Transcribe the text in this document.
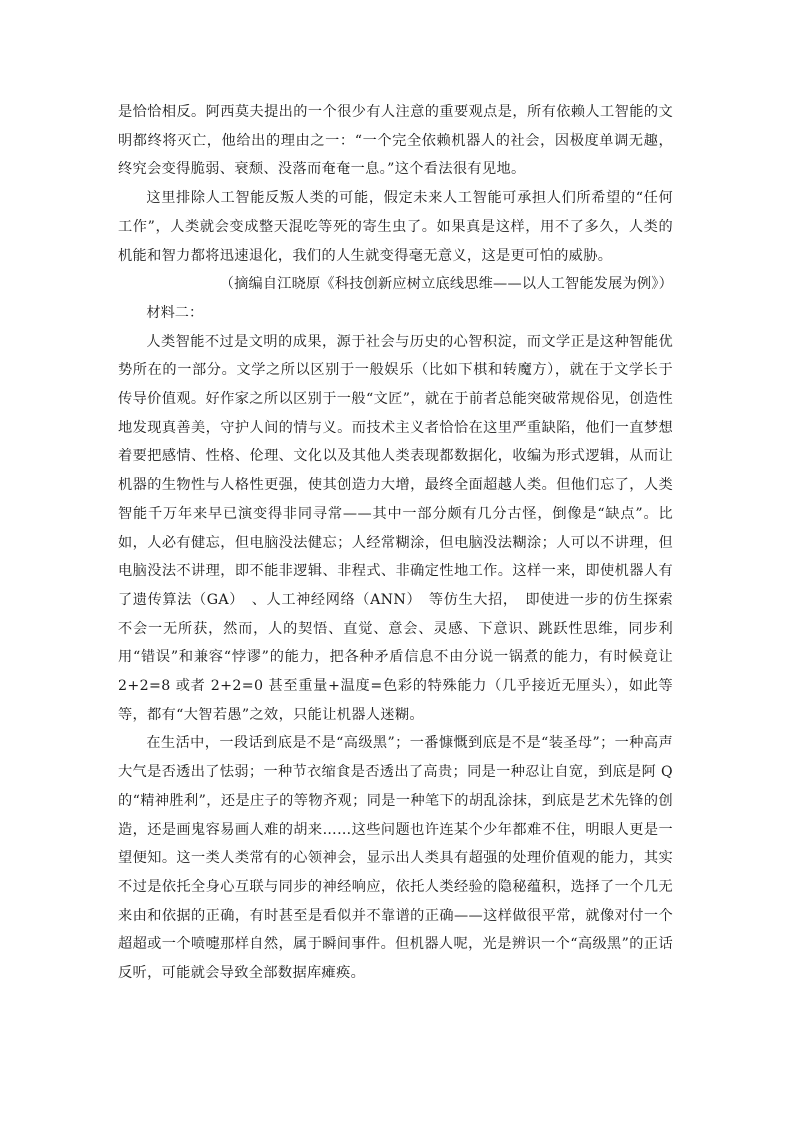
是恰恰相反。阿西莫夫提出的一个很少有人注意的重要观点是，所有依赖人工智能的文明都终将灭亡，他给出的理由之一：“一个完全依赖机器人的社会，因极度单调无趣，终究会变得脆弱、衰颓、没落而奄奄一息。”这个看法很有见地。

这里排除人工智能反叛人类的可能，假定未来人工智能可承担人们所希望的“任何工作”，人类就会变成整天混吃等死的寄生虫了。如果真是这样，用不了多久，人类的机能和智力都将迅速退化，我们的人生就变得毫无意义，这是更可怕的威胁。

（摘编自江晓原《科技创新应树立底线思维——以人工智能发展为例》）

材料二：

人类智能不过是文明的成果，源于社会与历史的心智积淀，而文学正是这种智能优势所在的一部分。文学之所以区别于一般娱乐（比如下棋和转魔方），就在于文学长于传导价值观。好作家之所以区别于一般“文匠”，就在于前者总能突破常规俗见，创造性地发现真善美，守护人间的情与义。而技术主义者恰恰在这里严重缺陷，他们一直梦想着要把感情、性格、伦理、文化以及其他人类表现都数据化，收编为形式逻辑，从而让机器的生物性与人格性更强，使其创造力大增，最终全面超越人类。但他们忘了，人类智能千万年来早已演变得非同寻常——其中一部分颇有几分古怪，倒像是“缺点”。比如，人必有健忘，但电脑没法健忘；人经常糊涂，但电脑没法糊涂；人可以不讲理，但电脑没法不讲理，即不能非逻辑、非程式、非确定性地工作。这样一来，即使机器人有了遗传算法（GA）　、人工神经网络（ANN）　等仿生大招，　即使进一步的仿生探索不会一无所获，然而，人的契悟、直觉、意会、灵感、下意识、跳跃性思维，同步利用“错误”和兼容“悖谬”的能力，把各种矛盾信息不由分说一锅煮的能力，有时候竟让 2+2=8 或者 2+2=0 甚至重量+温度=色彩的特殊能力（几乎接近无厘头），如此等等，都有“大智若愚”之效，只能让机器人迷糊。

在生活中，一段话到底是不是“高级黑”；一番慷慨到底是不是“装圣母”；一种高声大气是否透出了怯弱；一种节衣缩食是否透出了高贵；同是一种忍让自宽，到底是阿 Q 的“精神胜利”，还是庄子的等物齐观；同是一种笔下的胡乱涂抹，到底是艺术先锋的创造，还是画鬼容易画人难的胡来……这些问题也许连某个少年都难不住，明眼人更是一望便知。这一类人类常有的心领神会，显示出人类具有超强的处理价值观的能力，其实不过是依托全身心互联与同步的神经响应，依托人类经验的隐秘蕴积，选择了一个几无来由和依据的正确，有时甚至是看似并不靠谱的正确——这样做很平常，就像对付一个超超或一个喷嚏那样自然，属于瞬间事件。但机器人呢，光是辨识一个“高级黑”的正话反听，可能就会导致全部数据库瘫痪。
